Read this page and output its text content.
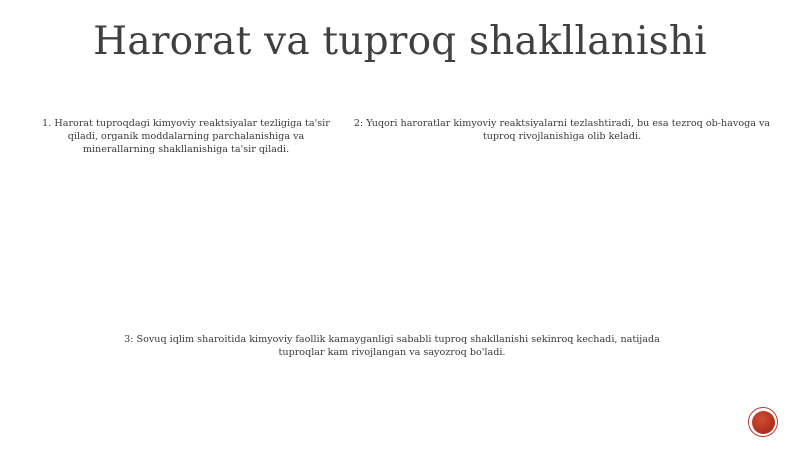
Harorat va tuproq shakllanishi
1. Harorat tuproqdagi kimyoviy reaktsiyalar tezligiga ta'sir qiladi, organik moddalarning parchalanishiga va minerallarning shakllanishiga ta'sir qiladi.
2: Yuqori haroratlar kimyoviy reaktsiyalarni tezlashtiradi, bu esa tezroq ob-havoga va tuproq rivojlanishiga olib keladi.
3: Sovuq iqlim sharoitida kimyoviy faollik kamayganligi sababli tuproq shakllanishi sekinroq kechadi, natijada tuproqlar kam rivojlangan va sayozroq bo'ladi.
